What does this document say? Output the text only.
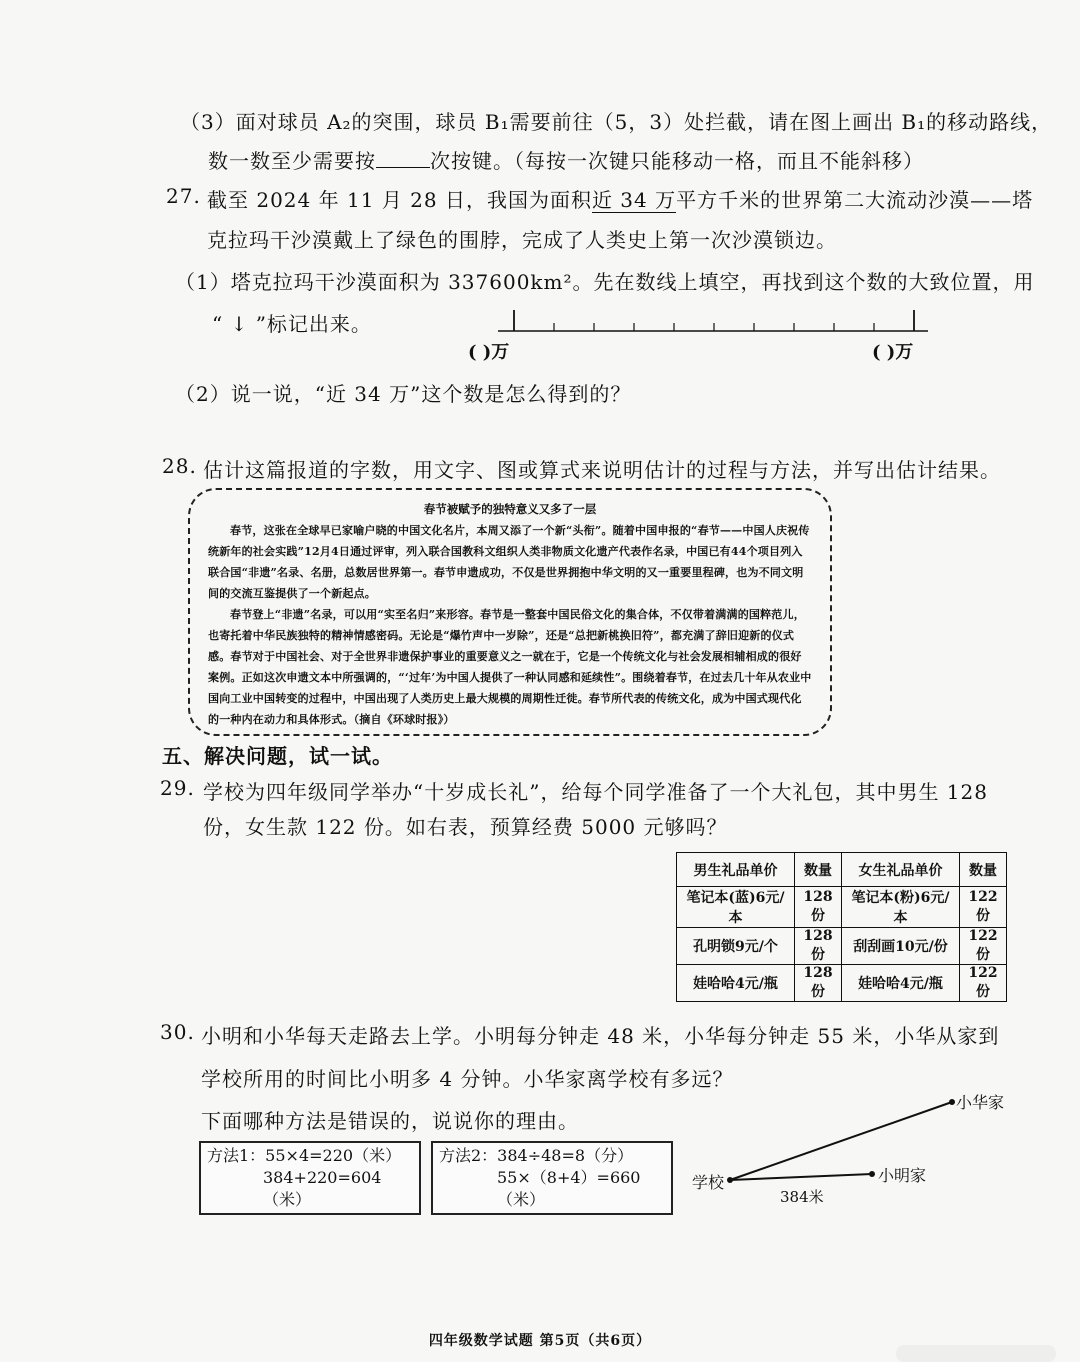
（3）面对球员 A₂的突围，球员 B₁需要前往（5，3）处拦截，请在图上画出 B₁的移动路线，
数一数至少需要按	次按键。（每按一次键只能移动一格，而且不能斜移）
27. 截至 2024 年 11 月 28 日，我国为面积近 34 万平方千米的世界第二大流动沙漠——塔
克拉玛干沙漠戴上了绿色的围脖，完成了人类史上第一次沙漠锁边。
（1）塔克拉玛干沙漠面积为 337600km²。先在数线上填空，再找到这个数的大致位置，用
“ ↓ ”标记出来。
( )万	( )万
（2）说一说，“近 34 万”这个数是怎么得到的？
28. 估计这篇报道的字数，用文字、图或算式来说明估计的过程与方法，并写出估计结果。
春节被赋予的独特意义又多了一层

春节，这张在全球早已家喻户晓的中国文化名片，本周又添了一个新“头衔”。随着中国申报的“春节——中国人庆祝传统新年的社会实践”12月4日通过评审，列入联合国教科文组织人类非物质文化遗产代表作名录，中国已有44个项目列入联合国“非遗”名录、名册，总数居世界第一。春节申遗成功，不仅是世界拥抱中华文明的又一重要里程碑，也为不同文明间的交流互鉴提供了一个新起点。

春节登上“非遗”名录，可以用“实至名归”来形容。春节是一整套中国民俗文化的集合体，不仅带着满满的国粹范儿，也寄托着中华民族独特的精神情感密码。无论是“爆竹声中一岁除”，还是“总把新桃换旧符”，都充满了辞旧迎新的仪式感。春节对于中国社会、对于全世界非遗保护事业的重要意义之一就在于，它是一个传统文化与社会发展相辅相成的很好案例。正如这次申遗文本中所强调的，“‘过年’为中国人提供了一种认同感和延续性”。围绕着春节，在过去几十年从农业中国向工业中国转变的过程中，中国出现了人类历史上最大规模的周期性迁徙。春节所代表的传统文化，成为中国式现代化的一种内在动力和具体形式。（摘自《环球时报》）

五、解决问题，试一试。
29. 学校为四年级同学举办“十岁成长礼”，给每个同学准备了一个大礼包，其中男生 128
份，女生款 122 份。如右表，预算经费 5000 元够吗？
男生礼品单价	数量	女生礼品单价	数量
笔记本(蓝)6元/本	128份	笔记本(粉)6元/本	122份
孔明锁9元/个	128份	刮刮画10元/份	122份
娃哈哈4元/瓶	128份	娃哈哈4元/瓶	122份
30. 小明和小华每天走路去上学。小明每分钟走 48 米，小华每分钟走 55 米，小华从家到
学校所用的时间比小明多 4 分钟。小华家离学校有多远？
下面哪种方法是错误的，说说你的理由。
方法1：55×4=220（米）
384+220=604（米）
方法2：384÷48=8（分）
55×（8+4）=660（米）
学校	小明家
小华家
384米
四年级数学试题 第5页（共6页）
